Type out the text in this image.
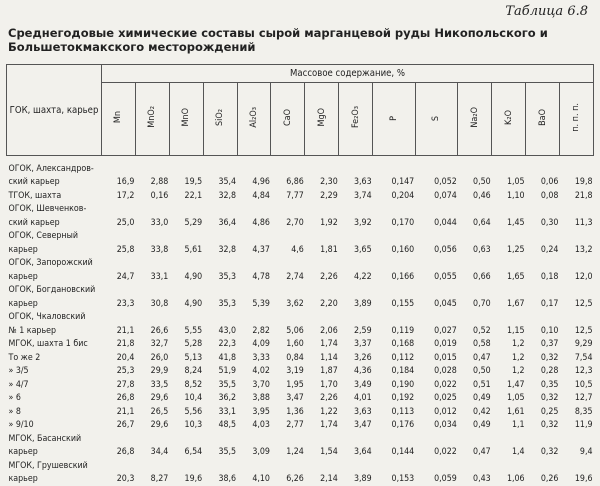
Таблица 6.8
Среднегодовые химические составы сырой марганцевой руды Никопольского и Большетокмакского месторождений
ГОК, шахта, карьер	Массовое содержание, %													
	Mn	MnO₂	MnO	SiO₂	Al₂O₃	CaO	MgO	Fe₂O₃	P	S	Na₂O	K₂O	BaO	п. п. п.
ОГОК, Александров-														
ский карьер	16,9	2,88	19,5	35,4	4,96	6,86	2,30	3,63	0,147	0,052	0,50	1,05	0,06	19,8
ТГОК, шахта	17,2	0,16	22,1	32,8	4,84	7,77	2,29	3,74	0,204	0,074	0,46	1,10	0,08	21,8
ОГОК, Шевченков-														
ский карьер	25,0	33,0	5,29	36,4	4,86	2,70	1,92	3,92	0,170	0,044	0,64	1,45	0,30	11,3
ОГОК, Северный														
карьер	25,8	33,8	5,61	32,8	4,37	4,6	1,81	3,65	0,160	0,056	0,63	1,25	0,24	13,2
ОГОК, Запорожский														
карьер	24,7	33,1	4,90	35,3	4,78	2,74	2,26	4,22	0,166	0,055	0,66	1,65	0,18	12,0
ОГОК, Богдановский														
карьер	23,3	30,8	4,90	35,3	5,39	3,62	2,20	3,89	0,155	0,045	0,70	1,67	0,17	12,5
ОГОК, Чкаловский														
№ 1 карьер	21,1	26,6	5,55	43,0	2,82	5,06	2,06	2,59	0,119	0,027	0,52	1,15	0,10	12,5
МГОК, шахта 1 бис	21,8	32,7	5,28	22,3	4,09	1,60	1,74	3,37	0,168	0,019	0,58	1,2	0,37	9,29
То же 2	20,4	26,0	5,13	41,8	3,33	0,84	1,14	3,26	0,112	0,015	0,47	1,2	0,32	7,54
» 3/5	25,3	29,9	8,24	51,9	4,02	3,19	1,87	4,36	0,184	0,028	0,50	1,2	0,28	12,3
» 4/7	27,8	33,5	8,52	35,5	3,70	1,95	1,70	3,49	0,190	0,022	0,51	1,47	0,35	10,5
» 6	26,8	29,6	10,4	36,2	3,88	3,47	2,26	4,01	0,192	0,025	0,49	1,05	0,32	12,7
» 8	21,1	26,5	5,56	33,1	3,95	1,36	1,22	3,63	0,113	0,012	0,42	1,61	0,25	8,35
» 9/10	26,7	29,6	10,3	48,5	4,03	2,77	1,74	3,47	0,176	0,034	0,49	1,1	0,32	11,9
МГОК, Басанский														
карьер	26,8	34,4	6,54	35,5	3,09	1,24	1,54	3,64	0,144	0,022	0,47	1,4	0,32	9,4
МГОК, Грушевский														
карьер	20,3	8,27	19,6	38,6	4,10	6,26	2,14	3,89	0,153	0,059	0,43	1,06	0,26	19,6
